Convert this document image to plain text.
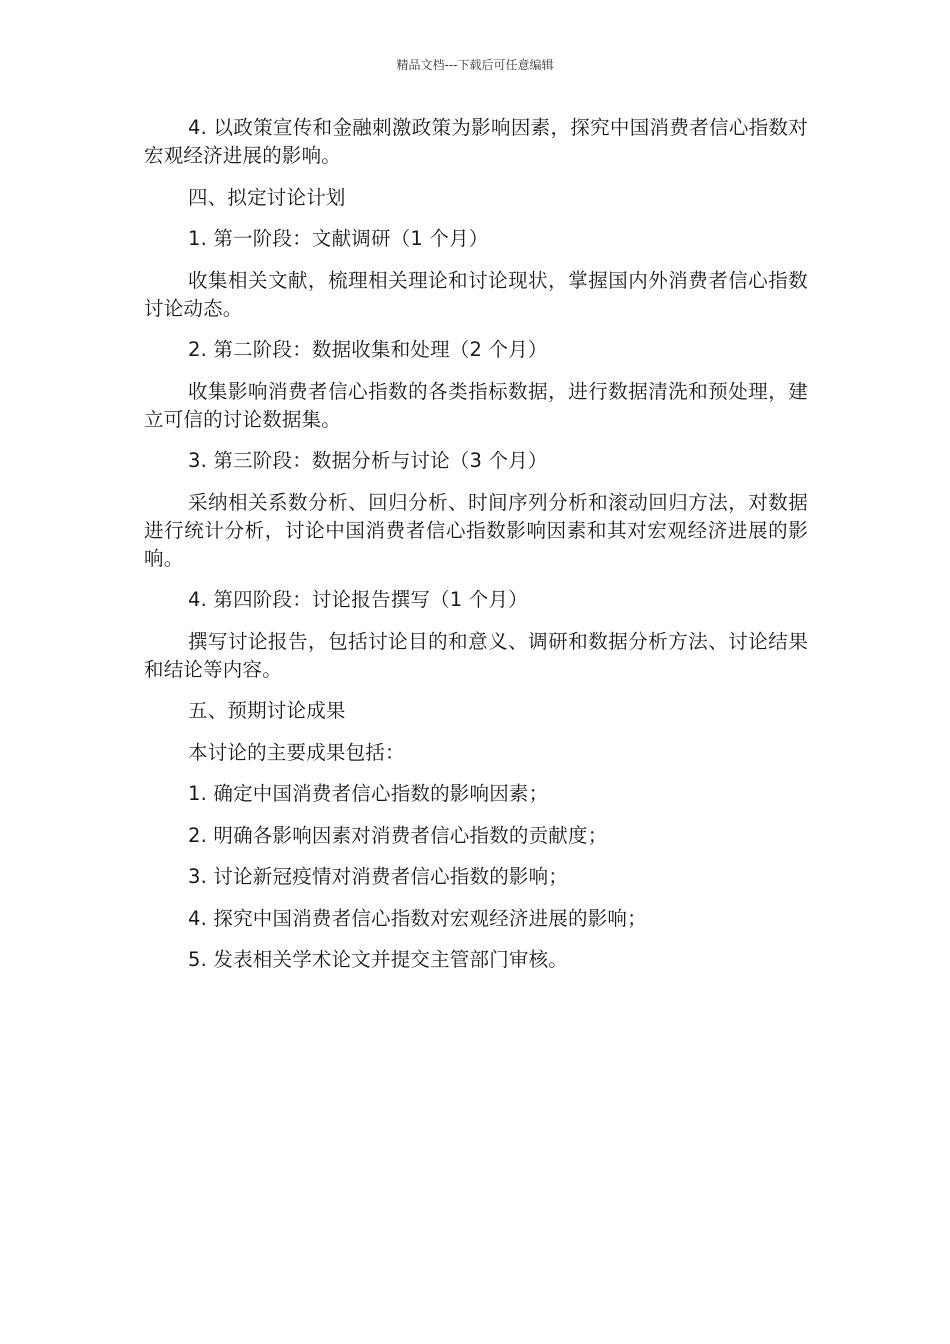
精品文档---下载后可任意编辑

4. 以政策宣传和金融刺激政策为影响因素，探究中国消费者信心指数对宏观经济进展的影响。

四、拟定讨论计划

1. 第一阶段：文献调研（1 个月）

收集相关文献，梳理相关理论和讨论现状，掌握国内外消费者信心指数讨论动态。

2. 第二阶段：数据收集和处理（2 个月）

收集影响消费者信心指数的各类指标数据，进行数据清洗和预处理，建立可信的讨论数据集。

3. 第三阶段：数据分析与讨论（3 个月）

采纳相关系数分析、回归分析、时间序列分析和滚动回归方法，对数据进行统计分析，讨论中国消费者信心指数影响因素和其对宏观经济进展的影响。

4. 第四阶段：讨论报告撰写（1 个月）

撰写讨论报告，包括讨论目的和意义、调研和数据分析方法、讨论结果和结论等内容。

五、预期讨论成果

本讨论的主要成果包括：

1. 确定中国消费者信心指数的影响因素；

2. 明确各影响因素对消费者信心指数的贡献度；

3. 讨论新冠疫情对消费者信心指数的影响；

4. 探究中国消费者信心指数对宏观经济进展的影响；

5. 发表相关学术论文并提交主管部门审核。
